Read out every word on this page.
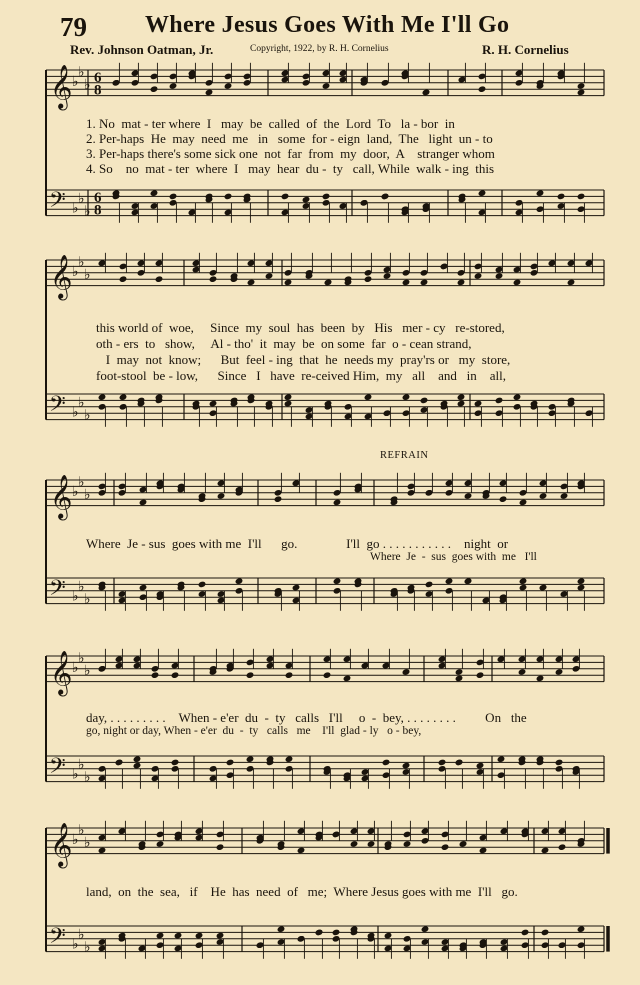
79 Where Jesus Goes With Me I'll Go
Rev. Johnson Oatman, Jr.	Copyright, 1922, by R. H. Cornelius	R. H. Cornelius
𝄞
𝄢
♭
♭
♭
♭
♭
♭
6
8
6
8
1. No  mat - ter where  I   may  be  called  of  the  Lord  To   la - bor  in
2. Per-haps  He  may  need  me   in   some  for - eign  land,  The   light  un - to
3. Per-haps there's some sick one  not  far  from  my  door,  A    stranger whom
4. So    no  mat - ter  where  I   may  hear  du -  ty   call, While  walk - ing  this
𝄞
𝄢
♭
♭
♭
♭
♭
♭
this world of  woe,     Since  my  soul  has  been  by   His   mer - cy   re-stored,
oth - ers  to   show,     Al - tho'  it  may  be  on some  far  o - cean strand,
I  may  not  know;      But  feel - ing  that  he  needs my  pray'rs or   my  store,
foot-stool  be - low,      Since   I   have  re-ceived Him,  my   all    and   in    all,
REFRAIN
𝄞
𝄢
♭
♭
♭
♭
♭
♭
Where  Je - sus  goes with me  I'll      go.               I'll  go . . . . . . . . . . .    night  or
Where  Je  -  sus  goes with  me   I'll
𝄞
𝄢
♭
♭
♭
♭
♭
♭
day, . . . . . . . . .    When - e'er  du  -  ty   calls   I'll     o  -  bey, . . . . . . . .         On   the
go, night or day, When - e'er  du  -  ty   calls   me    I'll  glad - ly   o - bey,
𝄞
𝄢
♭
♭
♭
♭
♭
♭
land,  on  the  sea,   if    He  has  need  of   me;  Where Jesus goes with me  I'll   go.
